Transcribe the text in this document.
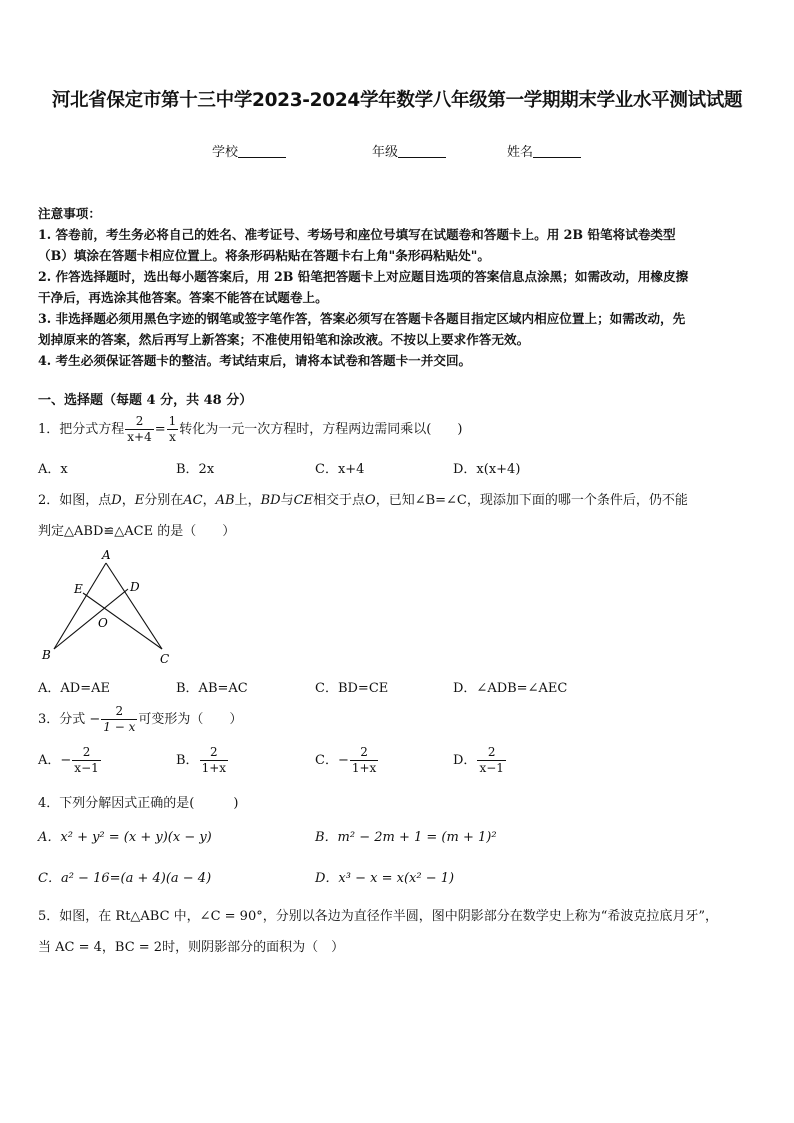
河北省保定市第十三中学2023-2024学年数学八年级第一学期期末学业水平测试试题
学校	年级	姓名
注意事项：
1. 答卷前，考生务必将自己的姓名、准考证号、考场号和座位号填写在试题卷和答题卡上。用 2B 铅笔将试卷类型
（B）填涂在答题卡相应位置上。将条形码粘贴在答题卡右上角"条形码粘贴处"。
2. 作答选择题时，选出每小题答案后，用 2B 铅笔把答题卡上对应题目选项的答案信息点涂黑；如需改动，用橡皮擦
干净后，再选涂其他答案。答案不能答在试题卷上。
3. 非选择题必须用黑色字迹的钢笔或签字笔作答，答案必须写在答题卡各题目指定区域内相应位置上；如需改动，先
划掉原来的答案，然后再写上新答案；不准使用铅笔和涂改液。不按以上要求作答无效。
4. 考生必须保证答题卡的整洁。考试结束后，请将本试卷和答题卡一并交回。
一、选择题（每题 4 分，共 48 分）
1．把分式方程 $\frac{2}{x+4} = \frac{1}{x}$ 转化为一元一次方程时，方程两边需同乘以(　　)
A．x	B．2x	C．x+4	D．x(x+4)
2．如图，点D，E分别在AC，AB上，BD与CE相交于点O，已知∠B=∠C，现添加下面的哪一个条件后，仍不能
判定△ABD≌△ACE 的是（　　）
A
B	C
D
E
O
A．AD=AE	B．AB=AC	C．BD=CE	D．∠ADB=∠AEC
3．分式 − $\frac{2}{1 - x}$ 可变形为（　　）
A．− $\frac{2}{x-1}$	B． $\frac{2}{1+x}$	C．− $\frac{2}{1+x}$	D． $\frac{2}{x-1}$
4．下列分解因式正确的是(　　　)
A．x² + y² = (x + y)(x − y)	B．m² − 2m + 1 = (m + 1)²
C．a² − 16=(a + 4)(a − 4)	D．x³ − x = x(x² − 1)
5．如图，在 Rt△ABC 中，∠C = 90°，分别以各边为直径作半圆，图中阴影部分在数学史上称为“希波克拉底月牙”，
当 AC = 4，BC = 2时，则阴影部分的面积为（　）
